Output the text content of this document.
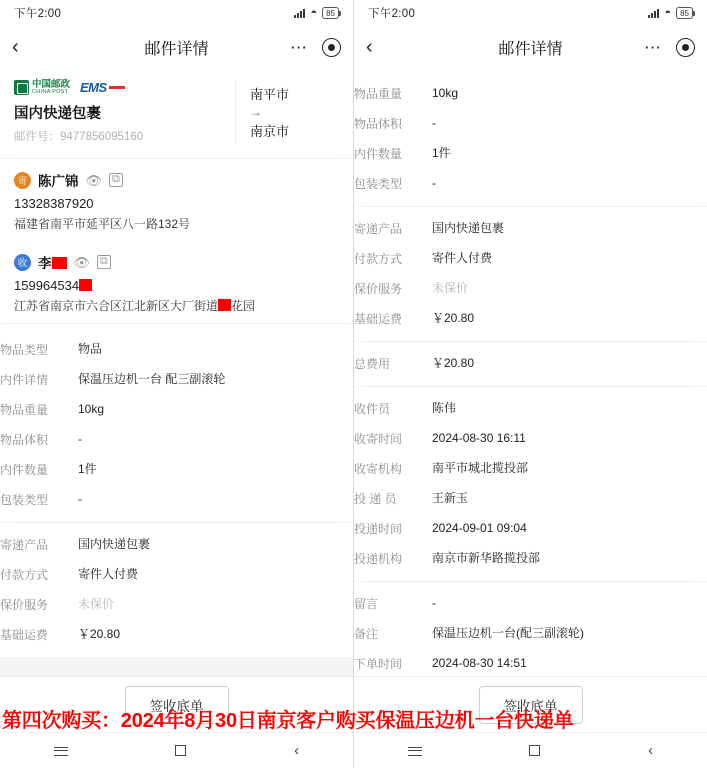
下午2:00	◓	85
‹	邮件详情	⋯
中国邮政
CHINA POST EMS
国内快递包裹
邮件号：9477856095160
南平市
→
南京市
寄 陈广锦 👁 ⧉
13328387920
福建省南平市延平区八一路132号
收 李	👁 ⧉
159964534
江苏省南京市六合区江北新区大厂街道 花园
物品类型	物品
内件详情	保温压边机一台 配三副滚轮
物品重量	10kg
物品体积	-
内件数量	1件
包装类型	-
寄递产品	国内快递包裹
付款方式	寄件人付费
保价服务	未保价
基础运费	￥20.80
签收底单
‹
下午2:00	◓	85
‹	邮件详情	⋯
物品重量	10kg
物品体积	-
内件数量	1件
包装类型	-
寄递产品	国内快递包裹
付款方式	寄件人付费
保价服务	未保价
基础运费	￥20.80
总费用	￥20.80
收件员	陈伟
收寄时间	2024-08-30 16:11
收寄机构	南平市城北揽投部
投 递 员	王新玉
投递时间	2024-09-01 09:04
投递机构	南京市新华路揽投部
留言	-
备注	保温压边机一台(配三副滚轮)
下单时间	2024-08-30 14:51
签收底单
‹
第四次购买：2024年8月30日南京客户购买保温压边机一台快递单
